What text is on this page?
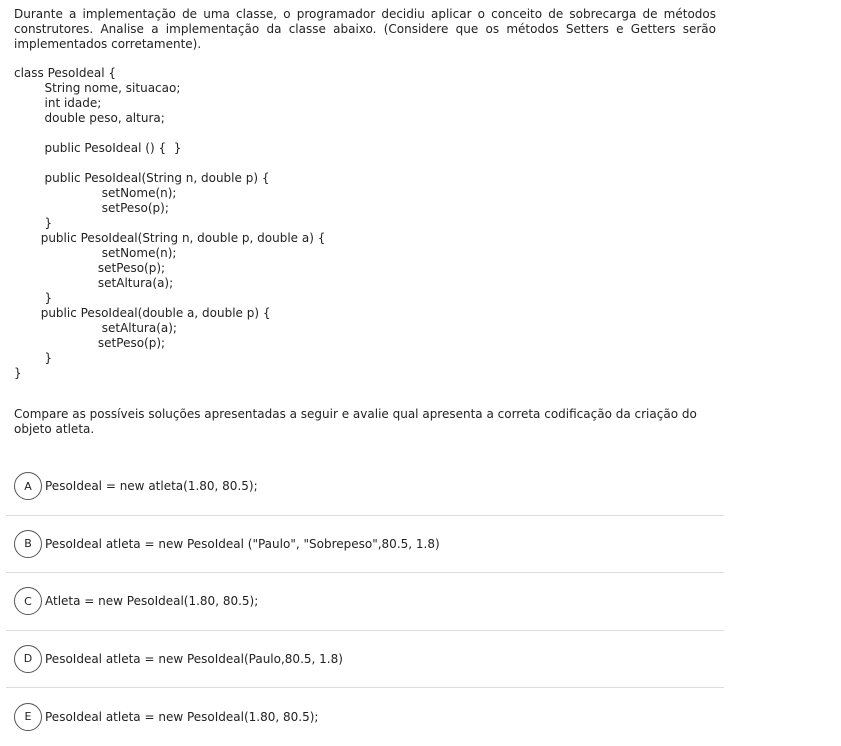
Durante a implementação de uma classe, o programador decidiu aplicar o conceito de sobrecarga de métodos construtores. Analise a implementação da classe abaixo. (Considere que os métodos Setters e Getters serão implementados corretamente).
class PesoIdeal {
String nome, situacao;
int idade;
double peso, altura;
public PesoIdeal () {  }
public PesoIdeal(String n, double p) {
setNome(n);
setPeso(p);
}
public PesoIdeal(String n, double p, double a) {
setNome(n);
setPeso(p);
setAltura(a);
}
public PesoIdeal(double a, double p) {
setAltura(a);
setPeso(p);
}
}
Compare as possíveis soluções apresentadas a seguir e avalie qual apresenta a correta codificação da criação do objeto atleta.
A	PesoIdeal = new atleta(1.80, 80.5);
B	PesoIdeal atleta = new PesoIdeal ("Paulo", "Sobrepeso",80.5, 1.8)
C	Atleta = new PesoIdeal(1.80, 80.5);
D	PesoIdeal atleta = new PesoIdeal(Paulo,80.5, 1.8)
E	PesoIdeal atleta = new PesoIdeal(1.80, 80.5);
